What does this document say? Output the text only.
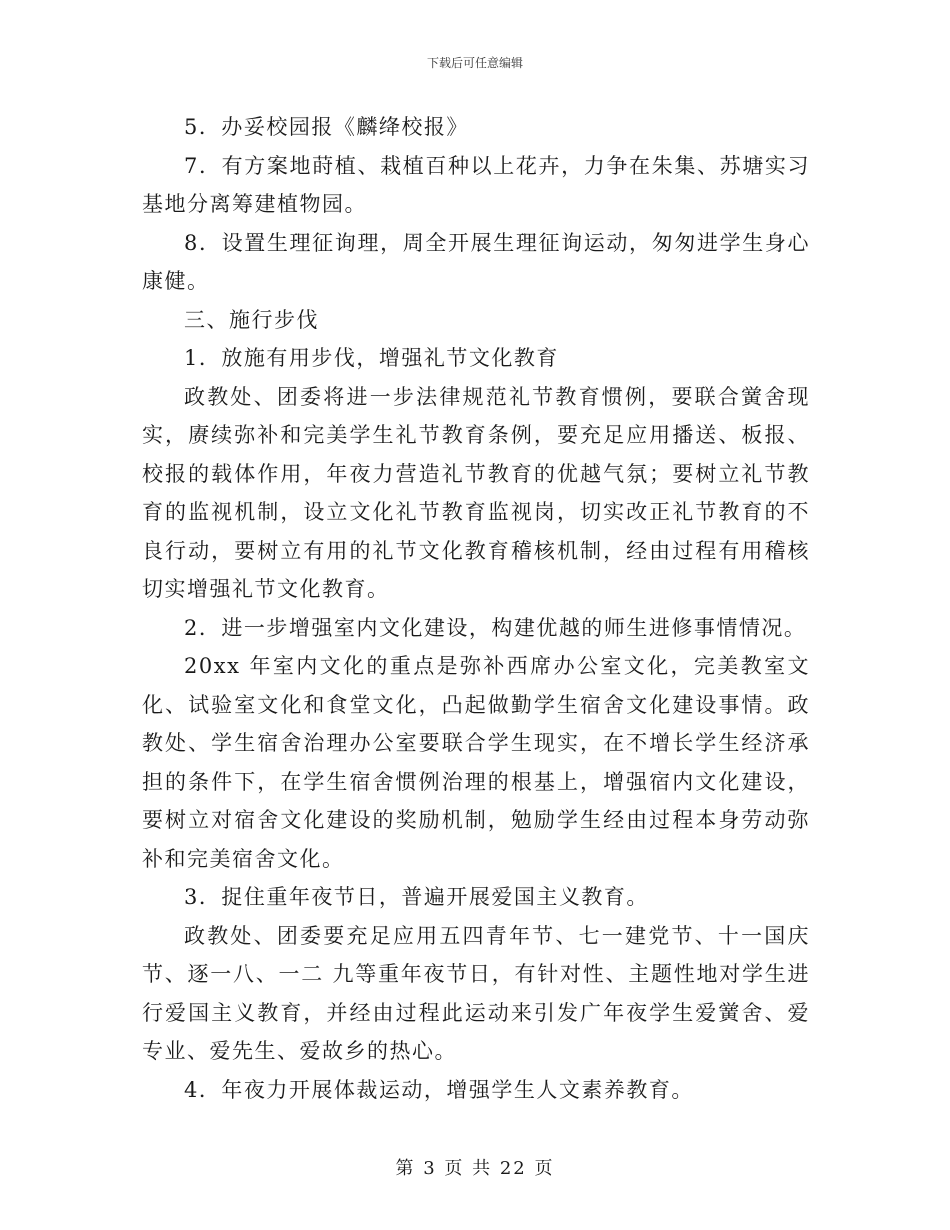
下载后可任意编辑

5．办妥校园报《麟绛校报》

7．有方案地莳植、栽植百种以上花卉，力争在朱集、苏塘实习基地分离筹建植物园。

8．设置生理征询理，周全开展生理征询运动，匆匆进学生身心康健。

三、施行步伐

1．放施有用步伐，增强礼节文化教育

政教处、团委将进一步法律规范礼节教育惯例，要联合黉舍现实，赓续弥补和完美学生礼节教育条例，要充足应用播送、板报、校报的载体作用，年夜力营造礼节教育的优越气氛；要树立礼节教育的监视机制，设立文化礼节教育监视岗，切实改正礼节教育的不良行动，要树立有用的礼节文化教育稽核机制，经由过程有用稽核切实增强礼节文化教育。

2．进一步增强室内文化建设，构建优越的师生进修事情情况。

20xx 年室内文化的重点是弥补西席办公室文化，完美教室文化、试验室文化和食堂文化，凸起做勤学生宿舍文化建设事情。政教处、学生宿舍治理办公室要联合学生现实，在不增长学生经济承担的条件下，在学生宿舍惯例治理的根基上，增强宿内文化建设，要树立对宿舍文化建设的奖励机制，勉励学生经由过程本身劳动弥补和完美宿舍文化。

3．捉住重年夜节日，普遍开展爱国主义教育。

政教处、团委要充足应用五四青年节、七一建党节、十一国庆节、逐一八、一二 九等重年夜节日，有针对性、主题性地对学生进行爱国主义教育，并经由过程此运动来引发广年夜学生爱黉舍、爱专业、爱先生、爱故乡的热心。

4．年夜力开展体裁运动，增强学生人文素养教育。

第 3 页 共 22 页
